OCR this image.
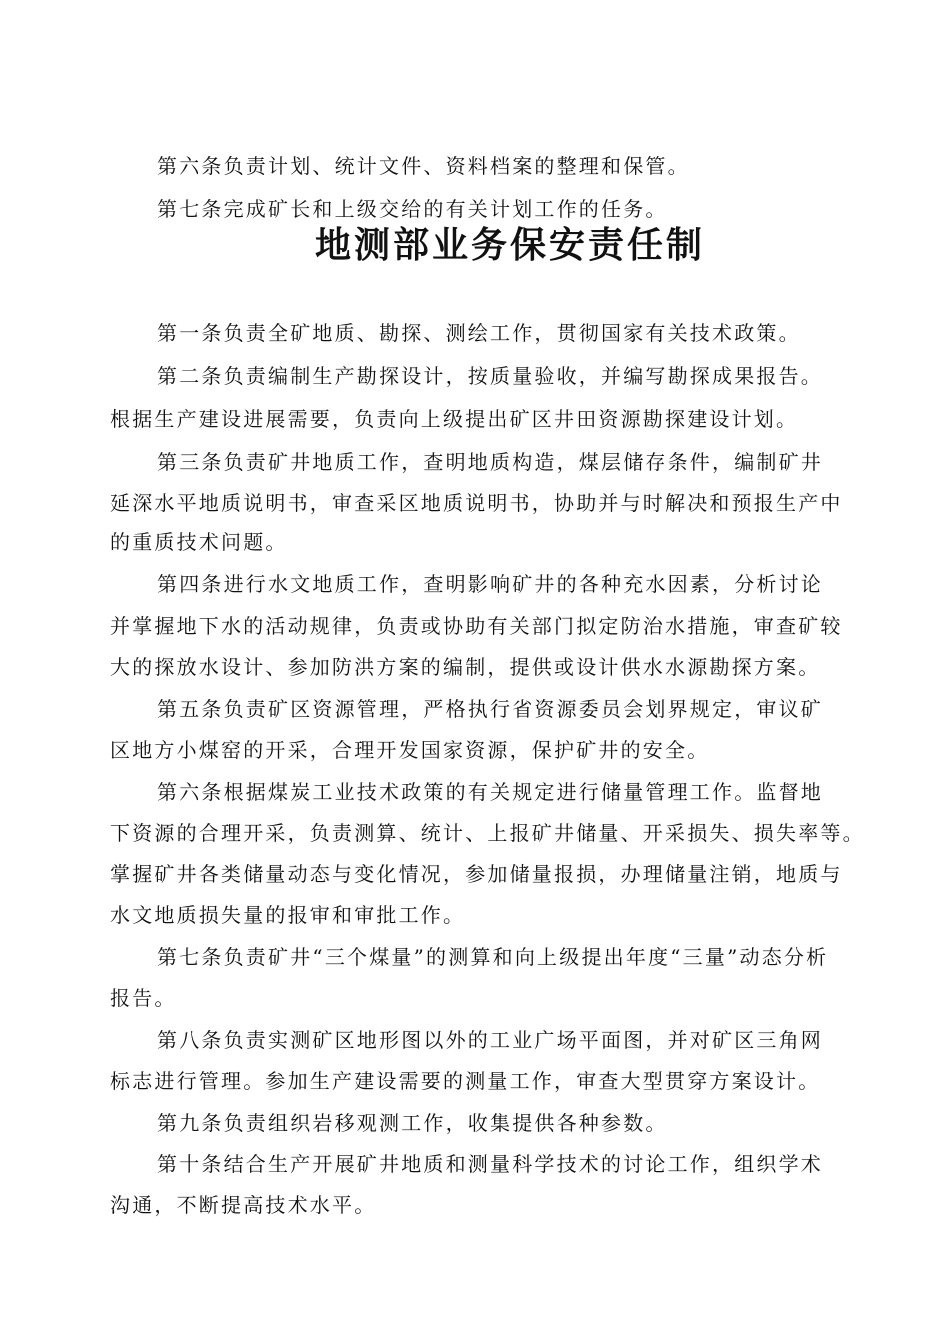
第六条负责计划、统计文件、资料档案的整理和保管。
第七条完成矿长和上级交给的有关计划工作的任务。
地测部业务保安责任制
第一条负责全矿地质、勘探、测绘工作，贯彻国家有关技术政策。
第二条负责编制生产勘探设计，按质量验收，并编写勘探成果报告。
根据生产建设进展需要，负责向上级提出矿区井田资源勘探建设计划。
第三条负责矿井地质工作，查明地质构造，煤层储存条件，编制矿井
延深水平地质说明书，审查采区地质说明书，协助并与时解决和预报生产中
的重质技术问题。
第四条进行水文地质工作，查明影响矿井的各种充水因素，分析讨论
并掌握地下水的活动规律，负责或协助有关部门拟定防治水措施，审查矿较
大的探放水设计、参加防洪方案的编制，提供或设计供水水源勘探方案。
第五条负责矿区资源管理，严格执行省资源委员会划界规定，审议矿
区地方小煤窑的开采，合理开发国家资源，保护矿井的安全。
第六条根据煤炭工业技术政策的有关规定进行储量管理工作。监督地
下资源的合理开采，负责测算、统计、上报矿井储量、开采损失、损失率等。
掌握矿井各类储量动态与变化情况，参加储量报损，办理储量注销，地质与
水文地质损失量的报审和审批工作。
第七条负责矿井“三个煤量”的测算和向上级提出年度“三量”动态分析
报告。
第八条负责实测矿区地形图以外的工业广场平面图，并对矿区三角网
标志进行管理。参加生产建设需要的测量工作，审查大型贯穿方案设计。
第九条负责组织岩移观测工作，收集提供各种参数。
第十条结合生产开展矿井地质和测量科学技术的讨论工作，组织学术
沟通，不断提高技术水平。
